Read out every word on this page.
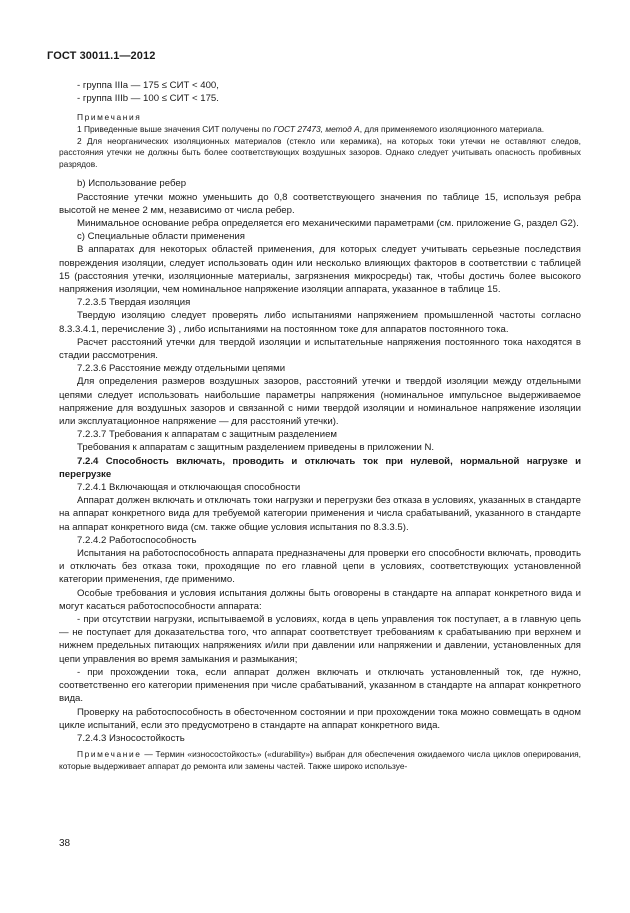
ГОСТ 30011.1—2012

- группа IIIa — 175 ≤ СИТ < 400,

- группа IIIb — 100 ≤ СИТ < 175.

Примечания

1 Приведенные выше значения СИТ получены по ГОСТ 27473, метод А, для применяемого изоляционного материала.

2 Для неорганических изоляционных материалов (стекло или керамика), на которых токи утечки не оставляют следов, расстояния утечки не должны быть более соответствующих воздушных зазоров. Однако следует учитывать опасность пробивных разрядов.

b) Использование ребер

Расстояние утечки можно уменьшить до 0,8 соответствующего значения по таблице 15, используя ребра высотой не менее 2 мм, независимо от числа ребер.

Минимальное основание ребра определяется его механическими параметрами (см. приложение G, раздел G2).

c) Специальные области применения

В аппаратах для некоторых областей применения, для которых следует учитывать серьезные последствия повреждения изоляции, следует использовать один или несколько влияющих факторов в соответствии с таблицей 15 (расстояния утечки, изоляционные материалы, загрязнения микросреды) так, чтобы достичь более высокого напряжения изоляции, чем номинальное напряжение изоляции аппарата, указанное в таблице 15.

7.2.3.5 Твердая изоляция

Твердую изоляцию следует проверять либо испытаниями напряжением промышленной частоты согласно 8.3.3.4.1, перечисление 3) , либо испытаниями на постоянном токе для аппаратов постоянного тока.

Расчет расстояний утечки для твердой изоляции и испытательные напряжения постоянного тока находятся в стадии рассмотрения.

7.2.3.6 Расстояние между отдельными цепями

Для определения размеров воздушных зазоров, расстояний утечки и твердой изоляции между отдельными цепями следует использовать наибольшие параметры напряжения (номинальное импульсное выдерживаемое напряжение для воздушных зазоров и связанной с ними твердой изоляции и номинальное напряжение изоляции или эксплуатационное напряжение — для расстояний утечки).

7.2.3.7 Требования к аппаратам с защитным разделением

Требования к аппаратам с защитным разделением приведены в приложении N.

7.2.4 Способность включать, проводить и отключать ток при нулевой, нормальной нагрузке и перегрузке

7.2.4.1 Включающая и отключающая способности

Аппарат должен включать и отключать токи нагрузки и перегрузки без отказа в условиях, указанных в стандарте на аппарат конкретного вида для требуемой категории применения и числа срабатываний, указанного в стандарте на аппарат конкретного вида (см. также общие условия испытания по 8.3.3.5).

7.2.4.2 Работоспособность

Испытания на работоспособность аппарата предназначены для проверки его способности включать, проводить и отключать без отказа токи, проходящие по его главной цепи в условиях, соответствующих установленной категории применения, где применимо.

Особые требования и условия испытания должны быть оговорены в стандарте на аппарат конкретного вида и могут касаться работоспособности аппарата:

- при отсутствии нагрузки, испытываемой в условиях, когда в цепь управления ток поступает, а в главную цепь — не поступает для доказательства того, что аппарат соответствует требованиям к срабатыванию при верхнем и нижнем предельных питающих напряжениях и/или при давлении или напряжении и давлении, установленных для цепи управления во время замыкания и размыкания;

- при прохождении тока, если аппарат должен включать и отключать установленный ток, где нужно, соответственно его категории применения при числе срабатываний, указанном в стандарте на аппарат конкретного вида.

Проверку на работоспособность в обесточенном состоянии и при прохождении тока можно совмещать в одном цикле испытаний, если это предусмотрено в стандарте на аппарат конкретного вида.

7.2.4.3 Износостойкость

Примечание — Термин «износостойкость» («durability») выбран для обеспечения ожидаемого числа циклов оперирования, которые выдерживает аппарат до ремонта или замены частей. Также широко используе-

38
